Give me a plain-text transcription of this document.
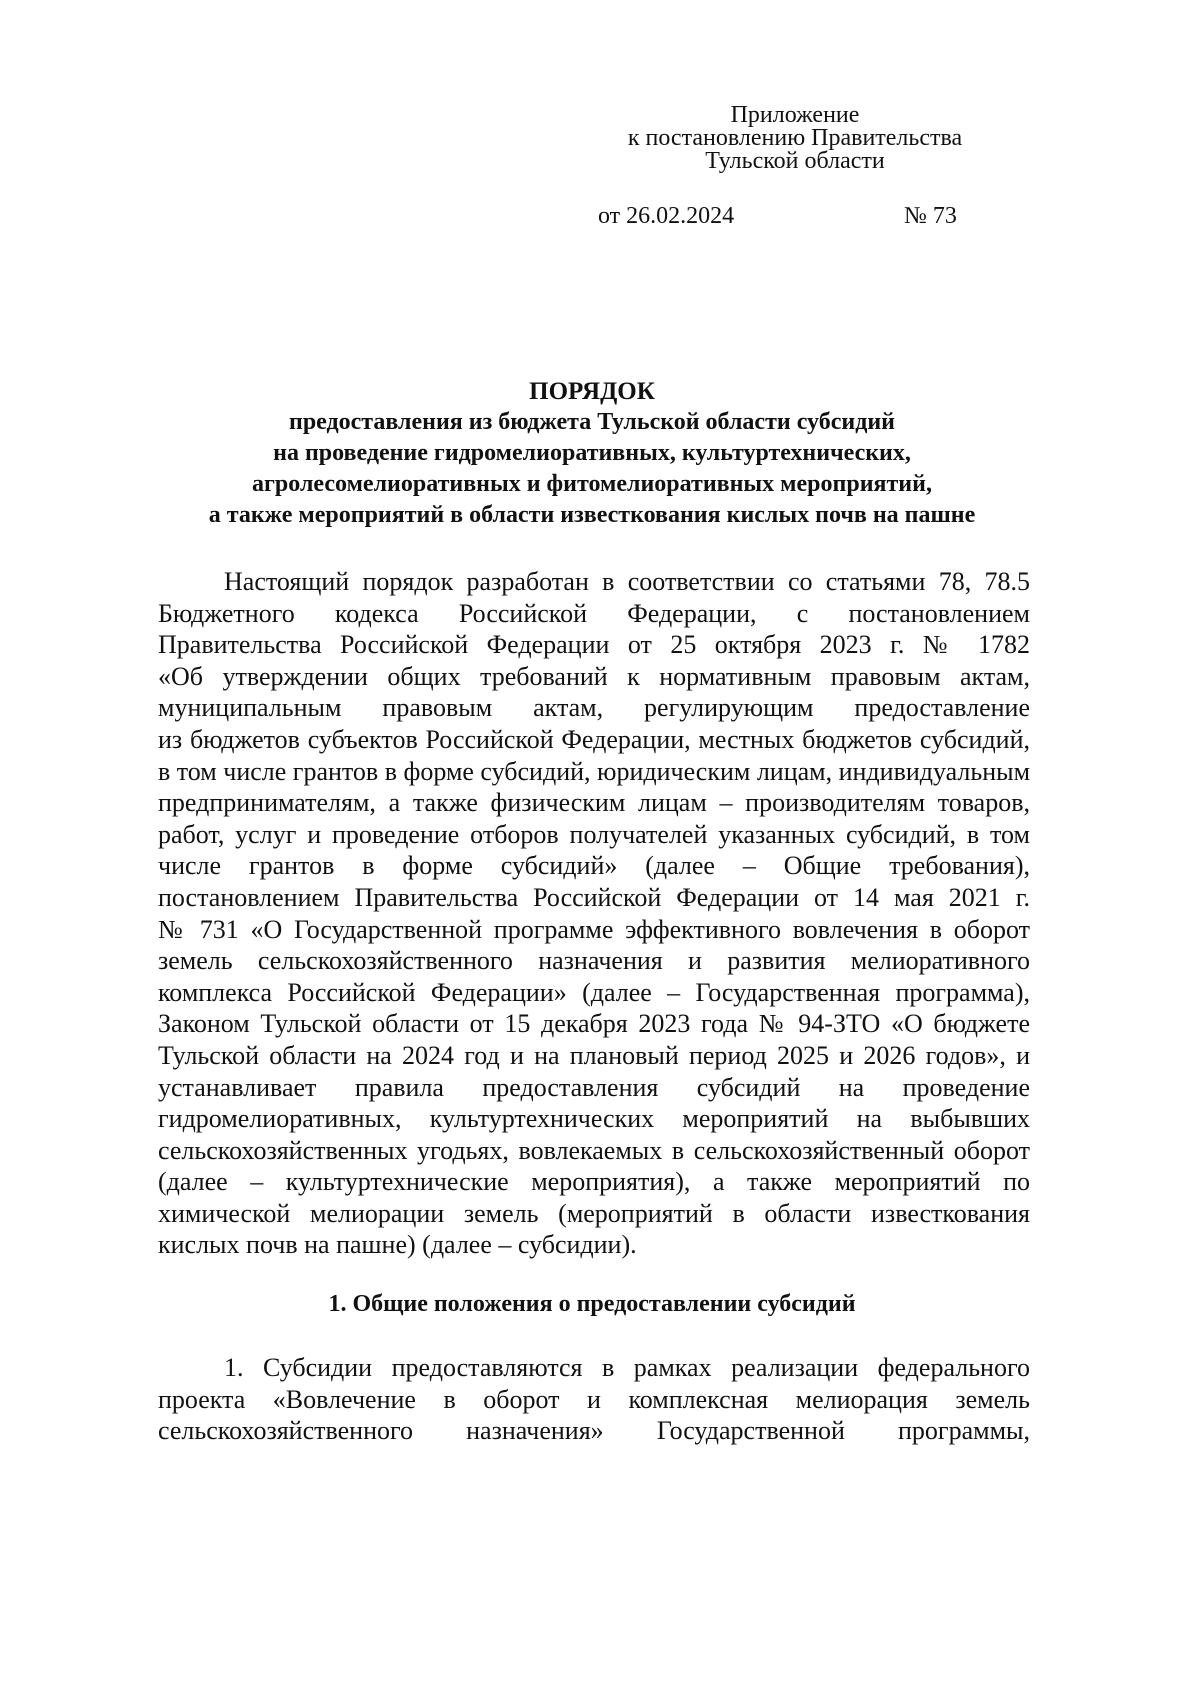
Приложение
к постановлению Правительства
Тульской области
от 26.02.2024	№ 73
ПОРЯДОК
предоставления из бюджета Тульской области субсидий
на проведение гидромелиоративных, культуртехнических,
агролесомелиоративных и фитомелиоративных мероприятий,
а также мероприятий в области известкования кислых почв на пашне
Настоящий порядок разработан в соответствии со статьями 78, 78.5
Бюджетного кодекса Российской Федерации, с постановлением
Правительства Российской Федерации от 25 октября 2023 г. № 1782
«Об утверждении общих требований к нормативным правовым актам,
муниципальным правовым актам, регулирующим предоставление
из бюджетов субъектов Российской Федерации, местных бюджетов субсидий,
в том числе грантов в форме субсидий, юридическим лицам, индивидуальным
предпринимателям, а также физическим лицам – производителям товаров,
работ, услуг и проведение отборов получателей указанных субсидий, в том
числе грантов в форме субсидий» (далее – Общие требования),
постановлением Правительства Российской Федерации от 14 мая 2021 г.
№ 731 «О Государственной программе эффективного вовлечения в оборот
земель сельскохозяйственного назначения и развития мелиоративного
комплекса Российской Федерации» (далее – Государственная программа),
Законом Тульской области от 15 декабря 2023 года № 94-ЗТО «О бюджете
Тульской области на 2024 год и на плановый период 2025 и 2026 годов», и
устанавливает правила предоставления субсидий на проведение
гидромелиоративных, культуртехнических мероприятий на выбывших
сельскохозяйственных угодьях, вовлекаемых в сельскохозяйственный оборот
(далее – культуртехнические мероприятия), а также мероприятий по
химической мелиорации земель (мероприятий в области известкования
кислых почв на пашне) (далее – субсидии).
1. Общие положения о предоставлении субсидий
1. Субсидии предоставляются в рамках реализации федерального
проекта «Вовлечение в оборот и комплексная мелиорация земель
сельскохозяйственного назначения» Государственной программы,
